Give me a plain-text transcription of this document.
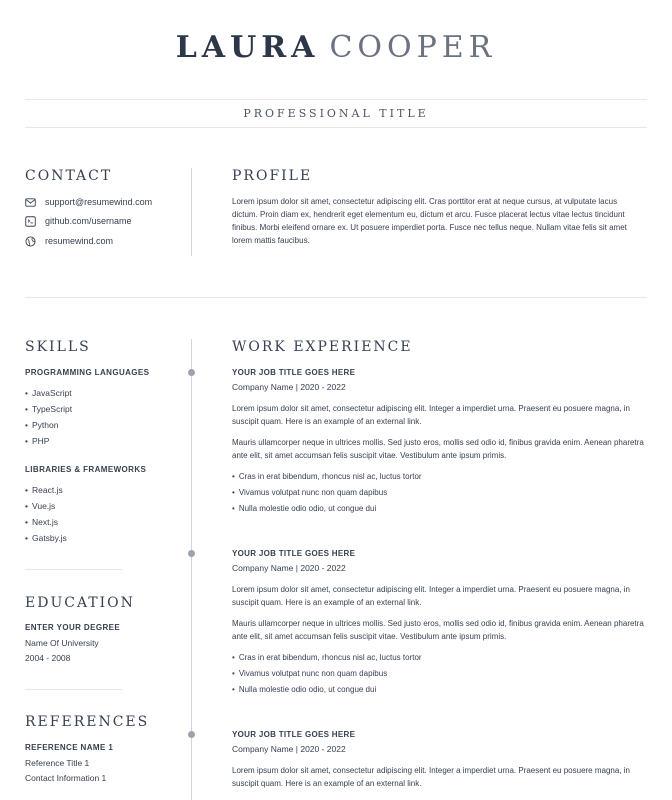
LAURA COOPER
PROFESSIONAL TITLE
CONTACT
support@resumewind.com
github.com/username
resumewind.com
PROFILE
Lorem ipsum dolor sit amet, consectetur adipiscing elit. Cras porttitor erat at neque cursus, at vulputate lacus dictum. Proin diam ex, hendrerit eget elementum eu, dictum et arcu. Fusce placerat lectus vitae lectus tincidunt finibus. Morbi eleifend ornare ex. Ut posuere imperdiet porta. Fusce nec tellus neque. Nullam vitae felis sit amet lorem mattis faucibus.
SKILLS
PROGRAMMING LANGUAGES
• JavaScript
• TypeScript
• Python
• PHP
LIBRARIES & FRAMEWORKS
• React.js
• Vue.js
• Next.js
• Gatsby.js
EDUCATION
ENTER YOUR DEGREE
Name Of University
2004 - 2008
REFERENCES
REFERENCE NAME 1
Reference Title 1
Contact Information 1
WORK EXPERIENCE
YOUR JOB TITLE GOES HERE
Company Name | 2020 - 2022
Lorem ipsum dolor sit amet, consectetur adipiscing elit. Integer a imperdiet urna. Praesent eu posuere magna, in suscipit quam. Here is an example of an external link.
Mauris ullamcorper neque in ultrices mollis. Sed justo eros, mollis sed odio id, finibus gravida enim. Aenean pharetra ante elit, sit amet accumsan felis suscipit vitae. Vestibulum ante ipsum primis.
• Cras in erat bibendum, rhoncus nisl ac, luctus tortor
• Vivamus volutpat nunc non quam dapibus
• Nulla molestie odio odio, ut congue dui
YOUR JOB TITLE GOES HERE
Company Name | 2020 - 2022
Lorem ipsum dolor sit amet, consectetur adipiscing elit. Integer a imperdiet urna. Praesent eu posuere magna, in suscipit quam. Here is an example of an external link.
Mauris ullamcorper neque in ultrices mollis. Sed justo eros, mollis sed odio id, finibus gravida enim. Aenean pharetra ante elit, sit amet accumsan felis suscipit vitae. Vestibulum ante ipsum primis.
• Cras in erat bibendum, rhoncus nisl ac, luctus tortor
• Vivamus volutpat nunc non quam dapibus
• Nulla molestie odio odio, ut congue dui
YOUR JOB TITLE GOES HERE
Company Name | 2020 - 2022
Lorem ipsum dolor sit amet, consectetur adipiscing elit. Integer a imperdiet urna. Praesent eu posuere magna, in suscipit quam. Here is an example of an external link.
